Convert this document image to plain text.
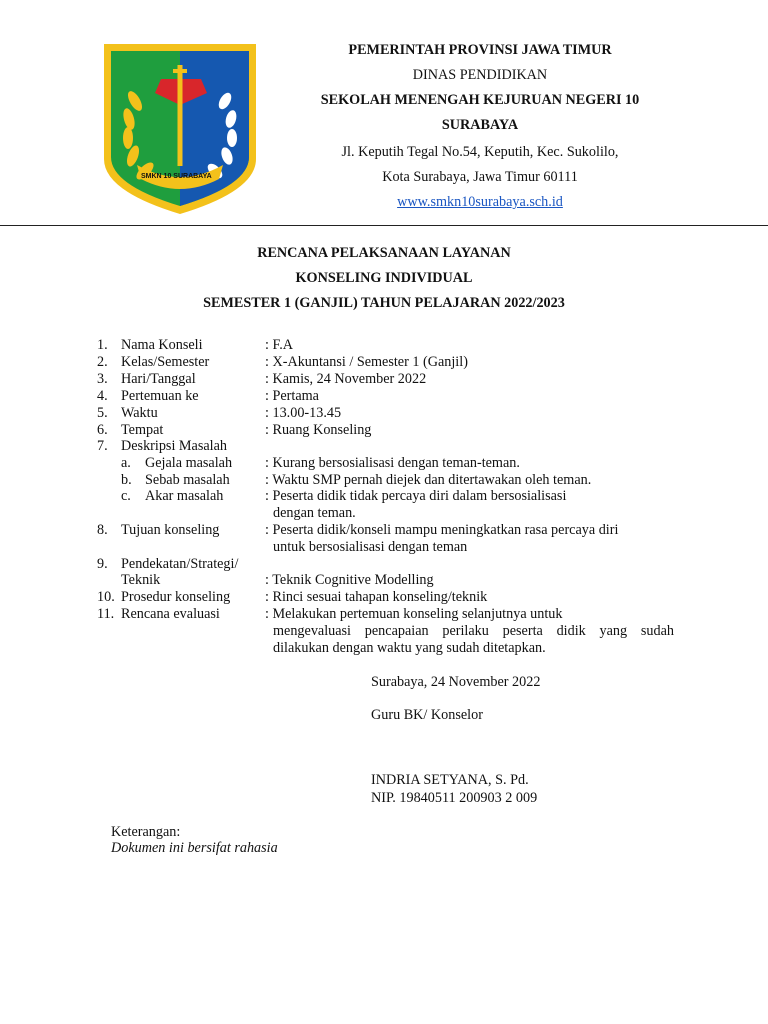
SMKN 10 SURABAYA
PEMERINTAH PROVINSI JAWA TIMUR
DINAS PENDIDIKAN
SEKOLAH MENENGAH KEJURUAN NEGERI 10
SURABAYA
Jl. Keputih Tegal No.54, Keputih, Kec. Sukolilo,
Kota Surabaya, Jawa Timur 60111
www.smkn10surabaya.sch.id
RENCANA PELAKSANAAN LAYANAN
KONSELING INDIVIDUAL
SEMESTER 1 (GANJIL) TAHUN PELAJARAN 2022/2023
1. Nama Konseli	: F.A
2. Kelas/Semester	: X-Akuntansi / Semester 1 (Ganjil)
3. Hari/Tanggal	: Kamis, 24 November 2022
4. Pertemuan ke	: Pertama
5. Waktu	: 13.00-13.45
6. Tempat	: Ruang Konseling
7. Deskripsi Masalah
a. Gejala masalah : Kurang bersosialisasi dengan teman-teman.
b. Sebab masalah : Waktu SMP pernah diejek dan ditertawakan oleh teman.
c. Akar masalah	: Peserta didik tidak percaya diri dalam bersosialisasi
dengan teman.
8. Tujuan konseling	: Peserta didik/konseli mampu meningkatkan rasa percaya diri
untuk bersosialisasi dengan teman
9. Pendekatan/Strategi/
Teknik	: Teknik Cognitive Modelling
10. Prosedur konseling : Rinci sesuai tahapan konseling/teknik
11. Rencana evaluasi	: Melakukan pertemuan konseling selanjutnya untuk
mengevaluasi pencapaian perilaku peserta didik yang sudah
dilakukan dengan waktu yang sudah ditetapkan.
Surabaya, 24 November 2022
Guru BK/ Konselor
INDRIA SETYANA, S. Pd.
NIP. 19840511 200903 2 009
Keterangan:
Dokumen ini bersifat rahasia
